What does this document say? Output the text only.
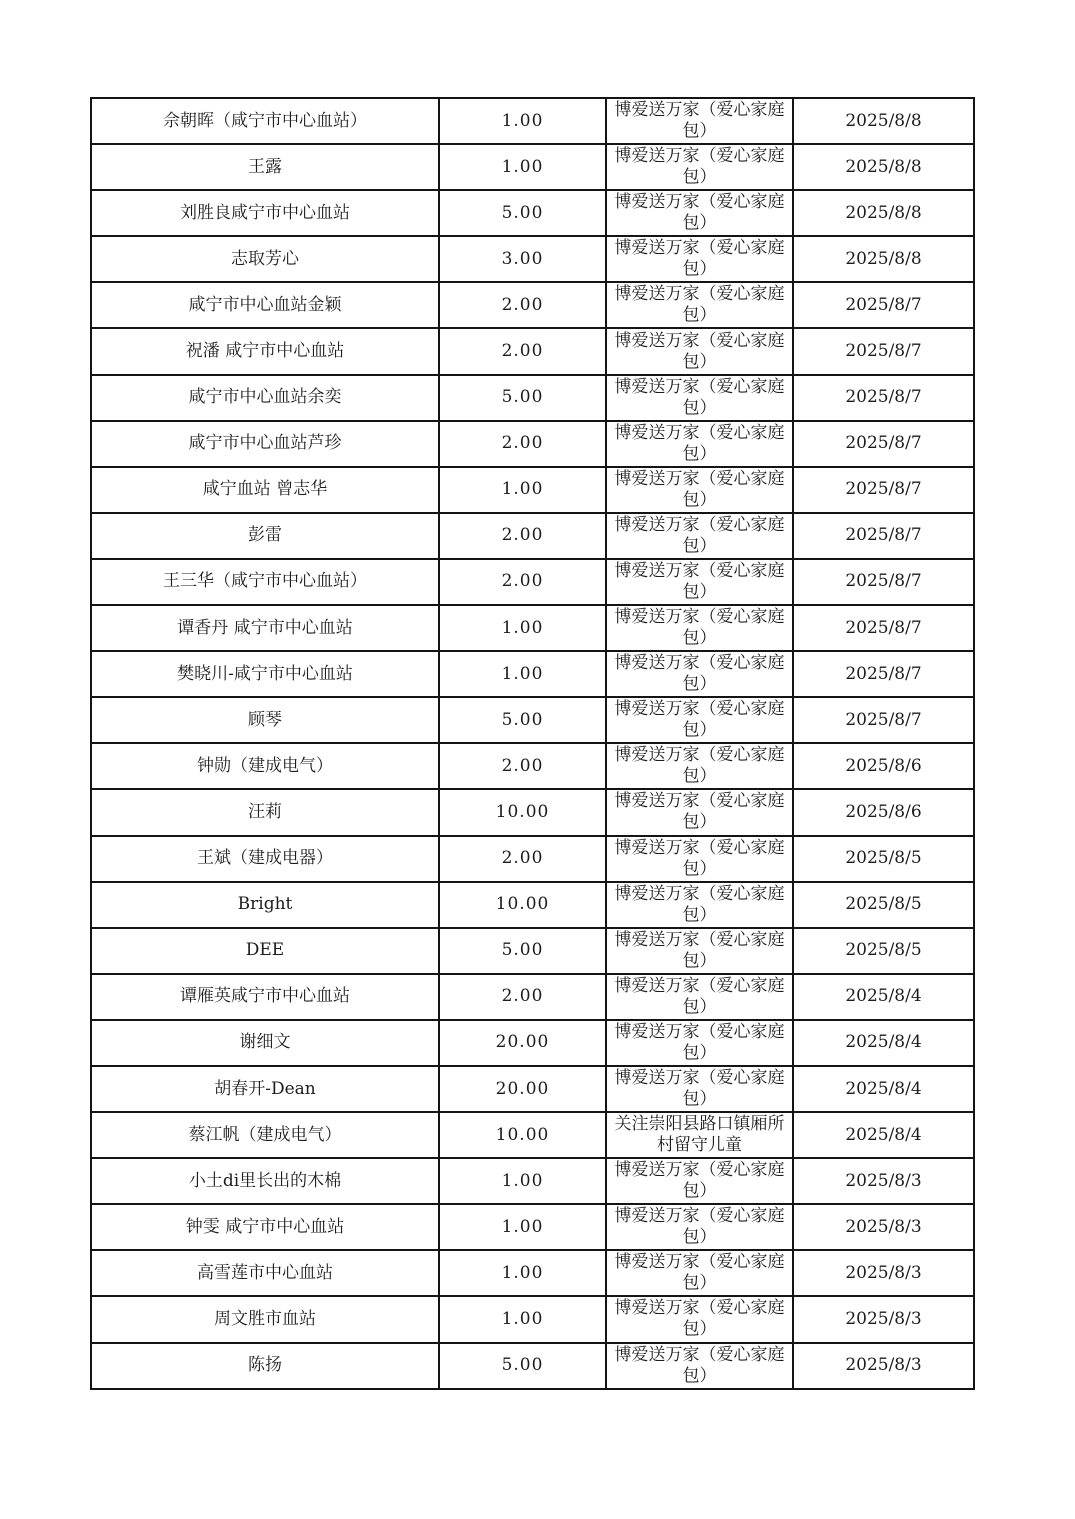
佘朝晖（咸宁市中心血站）	1.00	博爱送万家（爱心家庭包）	2025/8/8
王露	1.00	博爱送万家（爱心家庭包）	2025/8/8
刘胜良咸宁市中心血站	5.00	博爱送万家（爱心家庭包）	2025/8/8
志取芳心	3.00	博爱送万家（爱心家庭包）	2025/8/8
咸宁市中心血站金颖	2.00	博爱送万家（爱心家庭包）	2025/8/7
祝潘 咸宁市中心血站	2.00	博爱送万家（爱心家庭包）	2025/8/7
咸宁市中心血站余奕	5.00	博爱送万家（爱心家庭包）	2025/8/7
咸宁市中心血站芦珍	2.00	博爱送万家（爱心家庭包）	2025/8/7
咸宁血站 曾志华	1.00	博爱送万家（爱心家庭包）	2025/8/7
彭雷	2.00	博爱送万家（爱心家庭包）	2025/8/7
王三华（咸宁市中心血站）	2.00	博爱送万家（爱心家庭包）	2025/8/7
谭香丹 咸宁市中心血站	1.00	博爱送万家（爱心家庭包）	2025/8/7
樊晓川-咸宁市中心血站	1.00	博爱送万家（爱心家庭包）	2025/8/7
顾琴	5.00	博爱送万家（爱心家庭包）	2025/8/7
钟勋（建成电气）	2.00	博爱送万家（爱心家庭包）	2025/8/6
汪莉	10.00	博爱送万家（爱心家庭包）	2025/8/6
王斌（建成电器）	2.00	博爱送万家（爱心家庭包）	2025/8/5
Bright	10.00	博爱送万家（爱心家庭包）	2025/8/5
DEE	5.00	博爱送万家（爱心家庭包）	2025/8/5
谭雁英咸宁市中心血站	2.00	博爱送万家（爱心家庭包）	2025/8/4
谢细文	20.00	博爱送万家（爱心家庭包）	2025/8/4
胡春开-Dean	20.00	博爱送万家（爱心家庭包）	2025/8/4
蔡江帆（建成电气）	10.00	关注崇阳县路口镇厢所村留守儿童	2025/8/4
小土di里长出的木棉	1.00	博爱送万家（爱心家庭包）	2025/8/3
钟雯 咸宁市中心血站	1.00	博爱送万家（爱心家庭包）	2025/8/3
高雪莲市中心血站	1.00	博爱送万家（爱心家庭包）	2025/8/3
周文胜市血站	1.00	博爱送万家（爱心家庭包）	2025/8/3
陈扬	5.00	博爱送万家（爱心家庭包）	2025/8/3
